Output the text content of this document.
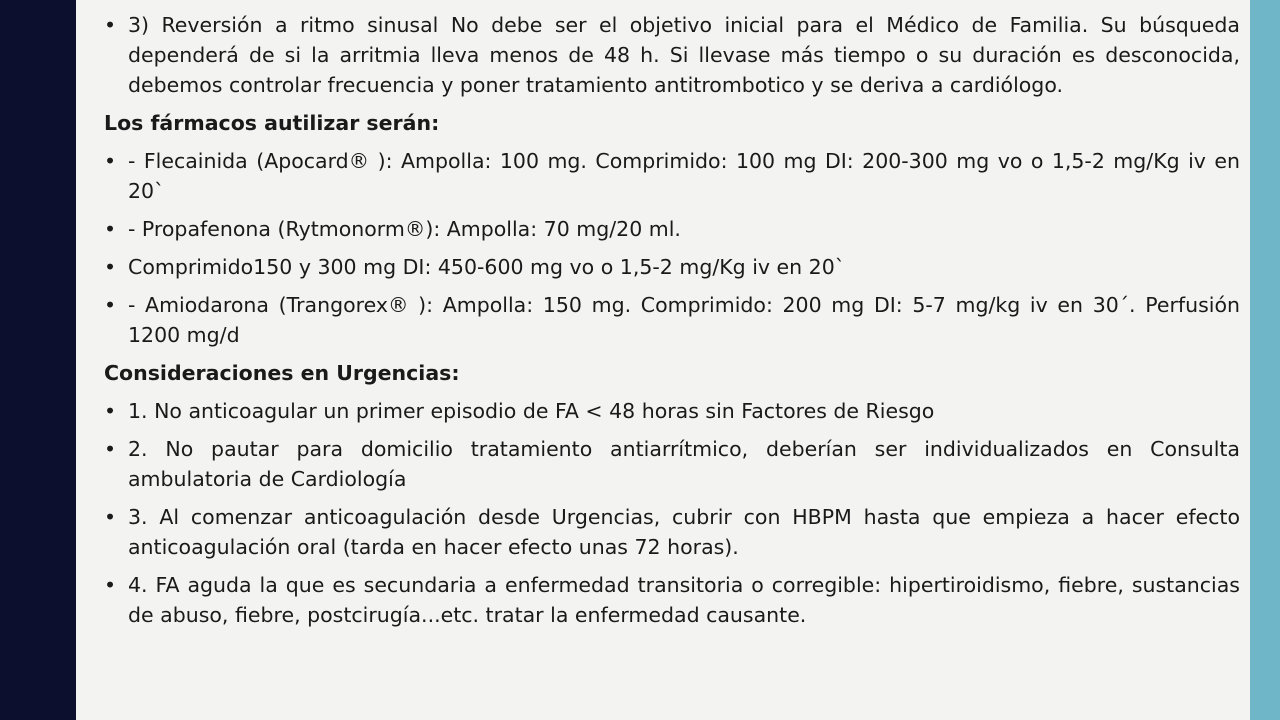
• 3) Reversión a ritmo sinusal No debe ser el objetivo inicial para el Médico de Familia. Su búsqueda dependerá de si la arritmia lleva menos de 48 h. Si llevase más tiempo o su duración es desconocida, debemos controlar frecuencia y poner tratamiento antitrombotico y se deriva a cardiólogo.
Los fármacos autilizar serán:
• - Flecainida (Apocard® ): Ampolla: 100 mg. Comprimido: 100 mg DI: 200-300 mg vo o 1,5-2 mg/Kg iv en 20`
• - Propafenona (Rytmonorm®): Ampolla: 70 mg/20 ml.
• Comprimido150 y 300 mg DI: 450-600 mg vo o 1,5-2 mg/Kg iv en 20`
• - Amiodarona (Trangorex® ): Ampolla: 150 mg. Comprimido: 200 mg DI: 5-7 mg/kg iv en 30´. Perfusión 1200 mg/d
Consideraciones en Urgencias:
• 1. No anticoagular un primer episodio de FA < 48 horas sin Factores de Riesgo
• 2. No pautar para domicilio tratamiento antiarrítmico, deberían ser individualizados en Consulta ambulatoria de Cardiología
• 3. Al comenzar anticoagulación desde Urgencias, cubrir con HBPM hasta que empieza a hacer efecto anticoagulación oral (tarda en hacer efecto unas 72 horas).
• 4. FA aguda la que es secundaria a enfermedad transitoria o corregible: hipertiroidismo, fiebre, sustancias de abuso, fiebre, postcirugía...etc. tratar la enfermedad causante.
